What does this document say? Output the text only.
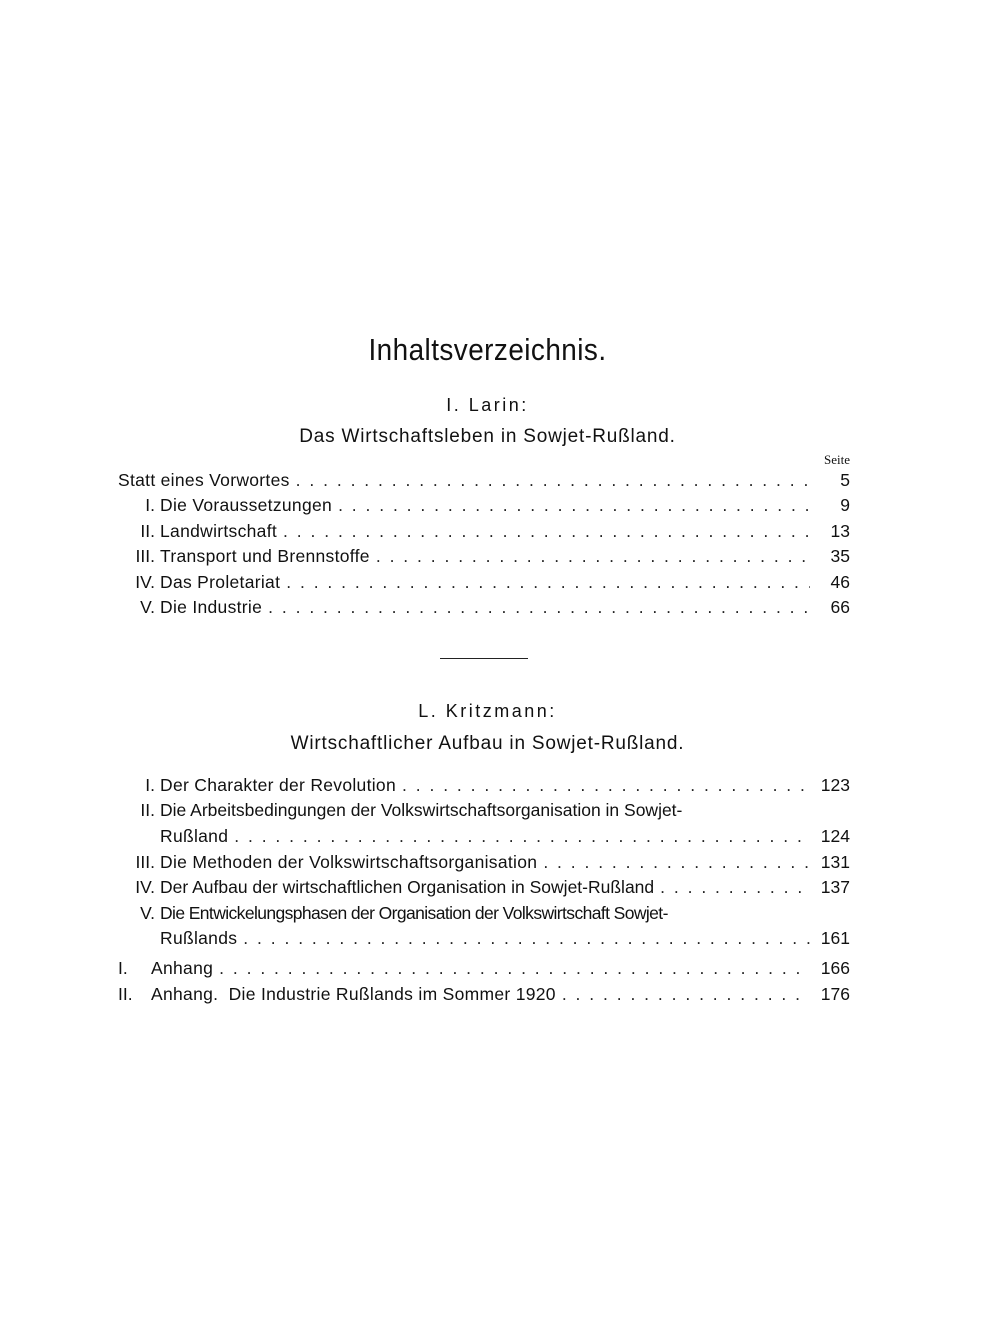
Inhaltsverzeichnis.
I. Larin:
Das Wirtschaftsleben in Sowjet-Rußland.
Seite
Statt eines Vorwortes . . .	5
I. Die Voraussetzungen . . .	9
II. Landwirtschaft . . .	13
III. Transport und Brennstoffe . . .	35
IV. Das Proletariat . . .	46
V. Die Industrie . . .	66
L. Kritzmann:
Wirtschaftlicher Aufbau in Sowjet-Rußland.
I. Der Charakter der Revolution . . .	123
II. Die Arbeitsbedingungen der Volkswirtschaftsorganisation in Sowjet-
Rußland . . .	124
III. Die Methoden der Volkswirtschaftsorganisation . . .	131
IV. Der Aufbau der wirtschaftlichen Organisation in Sowjet-Rußland . . .	137
V. Die Entwickelungsphasen der Organisation der Volkswirtschaft Sowjet-
Rußlands . . .	161
I.	Anhang . . .	166
II.	Anhang.  Die Industrie Rußlands im Sommer 1920 . . .	176
